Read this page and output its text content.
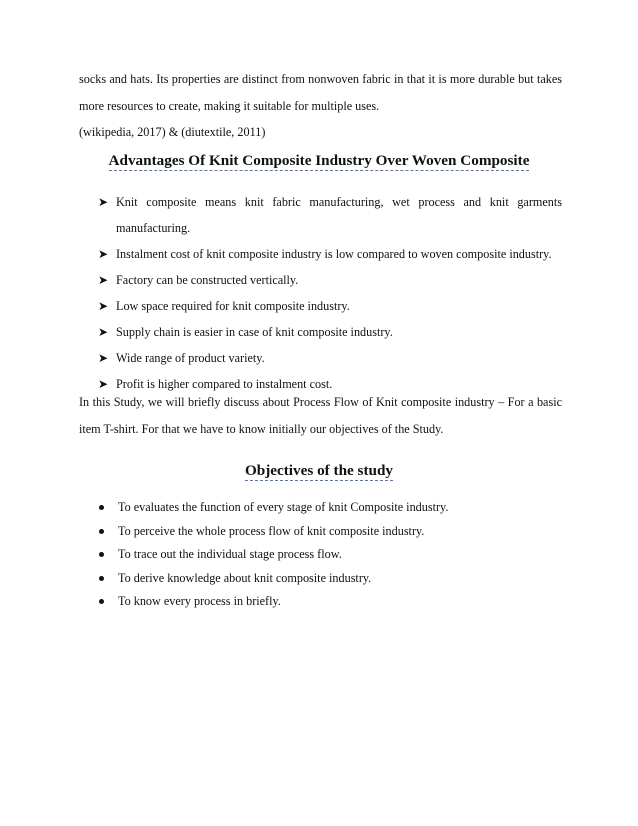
socks and hats. Its properties are distinct from nonwoven fabric in that it is more durable but takes more resources to create, making it suitable for multiple uses.

(wikipedia, 2017) & (diutextile, 2011)

Advantages Of Knit Composite Industry Over Woven Composite
➤ Knit composite means knit fabric manufacturing, wet process and knit garments manufacturing.
➤ Instalment cost of knit composite industry is low compared to woven composite industry.
➤ Factory can be constructed vertically.
➤ Low space required for knit composite industry.
➤ Supply chain is easier in case of knit composite industry.
➤ Wide range of product variety.
➤ Profit is higher compared to instalment cost.

In this Study, we will briefly discuss about Process Flow of Knit composite industry – For a basic item T-shirt. For that we have to know initially our objectives of the Study.

Objectives of the study
To evaluates the function of every stage of knit Composite industry.
To perceive the whole process flow of knit composite industry.
To trace out the individual stage process flow.
To derive knowledge about knit composite industry.
To know every process in briefly.
